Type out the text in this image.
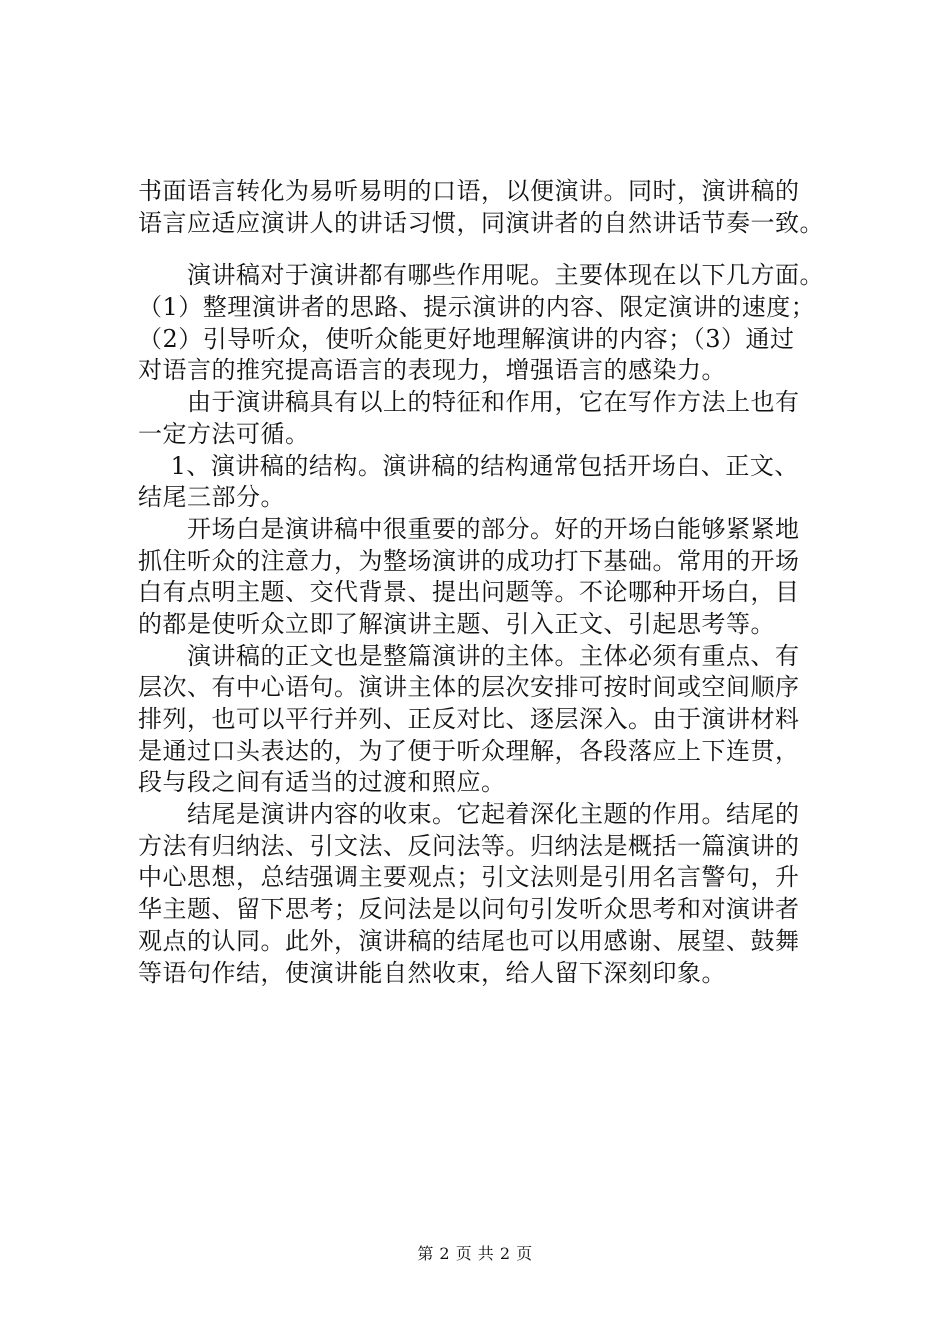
书面语言转化为易听易明的口语，以便演讲。同时，演讲稿的
语言应适应演讲人的讲话习惯，同演讲者的自然讲话节奏一致。
　　演讲稿对于演讲都有哪些作用呢。主要体现在以下几方面。
（1）整理演讲者的思路、提示演讲的内容、限定演讲的速度；
（2）引导听众，使听众能更好地理解演讲的内容；（3）通过
对语言的推究提高语言的表现力，增强语言的感染力。
　　由于演讲稿具有以上的特征和作用，它在写作方法上也有
一定方法可循。
　 1、演讲稿的结构。演讲稿的结构通常包括开场白、正文、
结尾三部分。
　　开场白是演讲稿中很重要的部分。好的开场白能够紧紧地
抓住听众的注意力，为整场演讲的成功打下基础。常用的开场
白有点明主题、交代背景、提出问题等。不论哪种开场白，目
的都是使听众立即了解演讲主题、引入正文、引起思考等。
　　演讲稿的正文也是整篇演讲的主体。主体必须有重点、有
层次、有中心语句。演讲主体的层次安排可按时间或空间顺序
排列，也可以平行并列、正反对比、逐层深入。由于演讲材料
是通过口头表达的，为了便于听众理解，各段落应上下连贯，
段与段之间有适当的过渡和照应。
　　结尾是演讲内容的收束。它起着深化主题的作用。结尾的
方法有归纳法、引文法、反问法等。归纳法是概括一篇演讲的
中心思想，总结强调主要观点；引文法则是引用名言警句，升
华主题、留下思考；反问法是以问句引发听众思考和对演讲者
观点的认同。此外，演讲稿的结尾也可以用感谢、展望、鼓舞
等语句作结，使演讲能自然收束，给人留下深刻印象。
第 2 页 共 2 页
